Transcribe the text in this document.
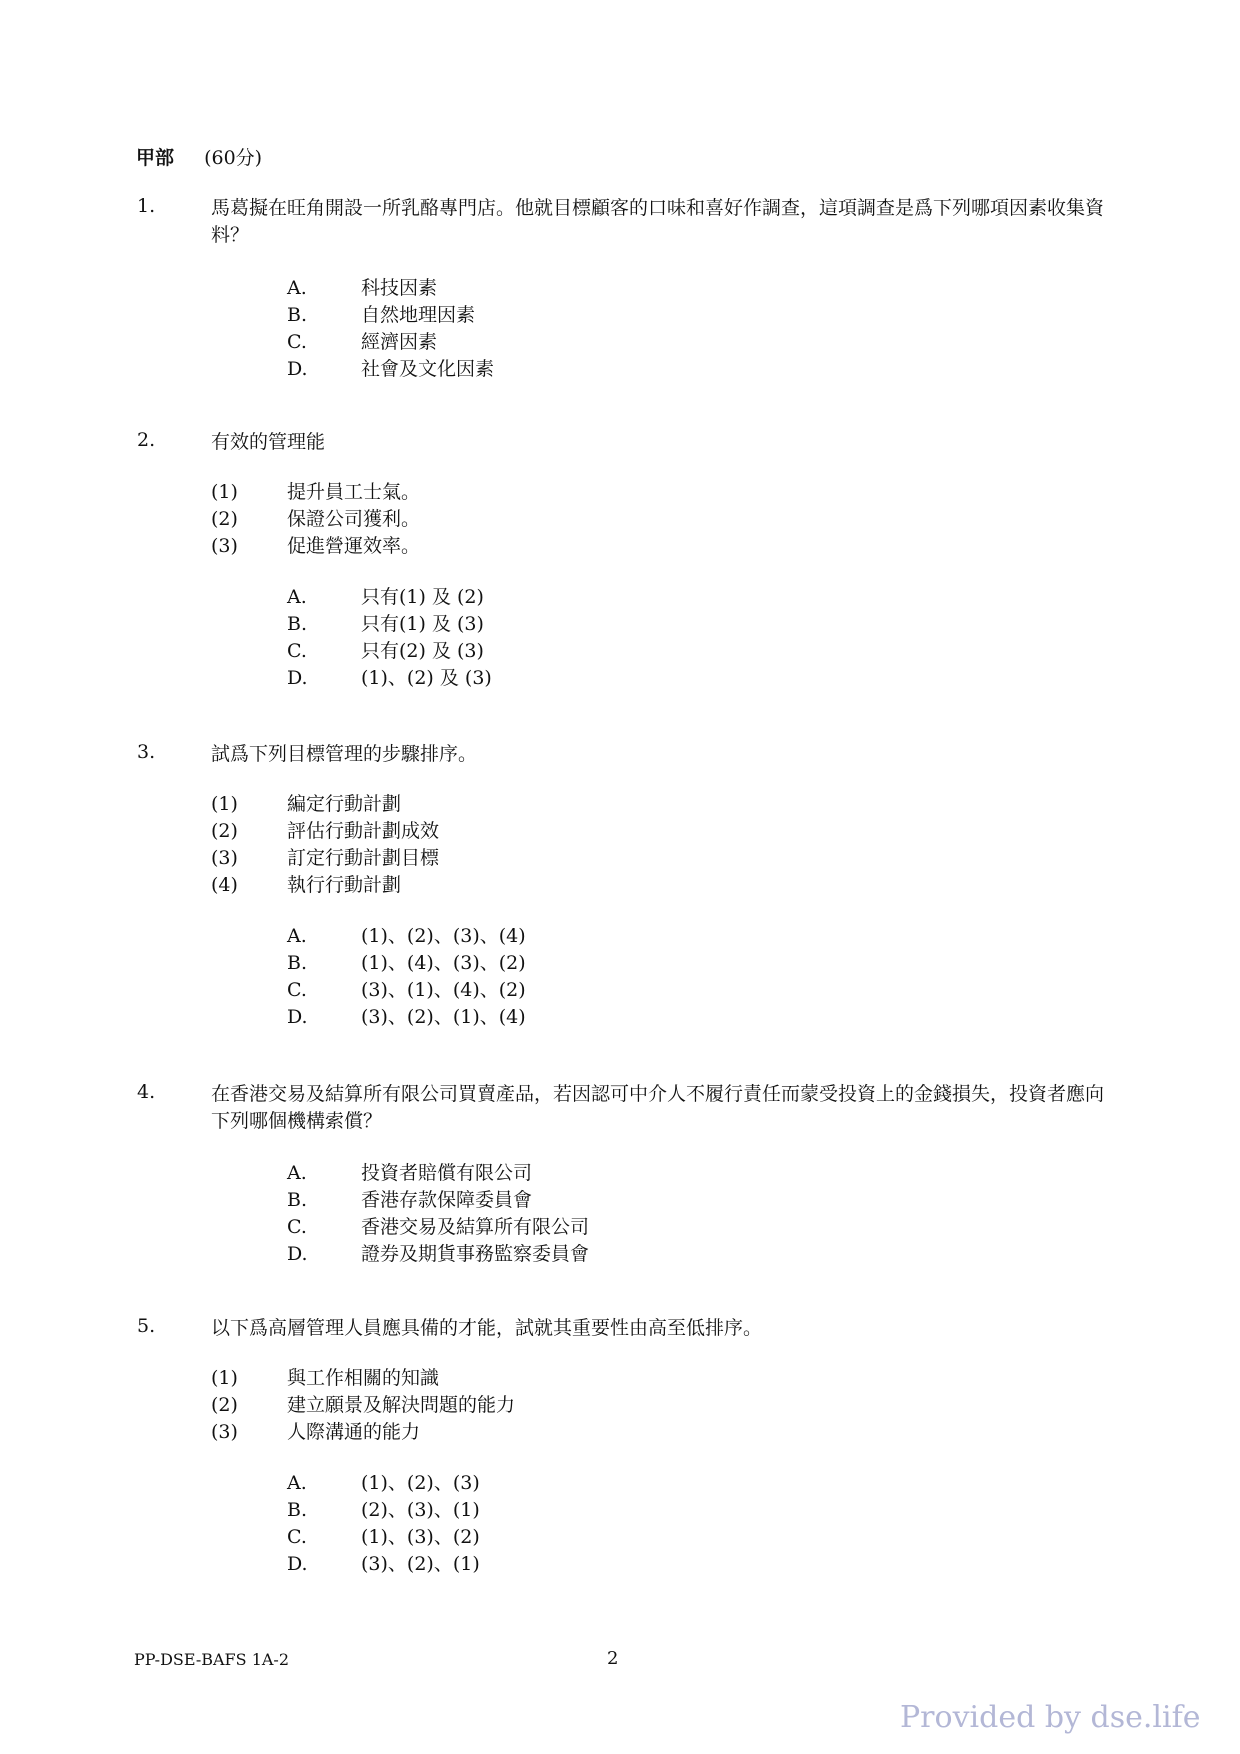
甲部 (60分)
1.	馬葛擬在旺角開設一所乳酪專門店。他就目標顧客的口味和喜好作調查，這項調查是爲下列哪項因素收集資料？
A.	科技因素
B.	自然地理因素
C.	經濟因素
D.	社會及文化因素
2.	有效的管理能
(1)	提升員工士氣。
(2)	保證公司獲利。
(3)	促進營運效率。
A.	只有(1) 及 (2)
B.	只有(1) 及 (3)
C.	只有(2) 及 (3)
D.	(1)、(2) 及 (3)
3.	試爲下列目標管理的步驟排序。
(1)	編定行動計劃
(2)	評估行動計劃成效
(3)	訂定行動計劃目標
(4)	執行行動計劃
A.	(1)、(2)、(3)、(4)
B.	(1)、(4)、(3)、(2)
C.	(3)、(1)、(4)、(2)
D.	(3)、(2)、(1)、(4)
4.	在香港交易及結算所有限公司買賣產品，若因認可中介人不履行責任而蒙受投資上的金錢損失，投資者應向下列哪個機構索償？
A.	投資者賠償有限公司
B.	香港存款保障委員會
C.	香港交易及結算所有限公司
D.	證券及期貨事務監察委員會
5.	以下爲高層管理人員應具備的才能，試就其重要性由高至低排序。
(1)	與工作相關的知識
(2)	建立願景及解決問題的能力
(3)	人際溝通的能力
A.	(1)、(2)、(3)
B.	(2)、(3)、(1)
C.	(1)、(3)、(2)
D.	(3)、(2)、(1)
PP-DSE-BAFS 1A-2	2
Provided by dse.life
